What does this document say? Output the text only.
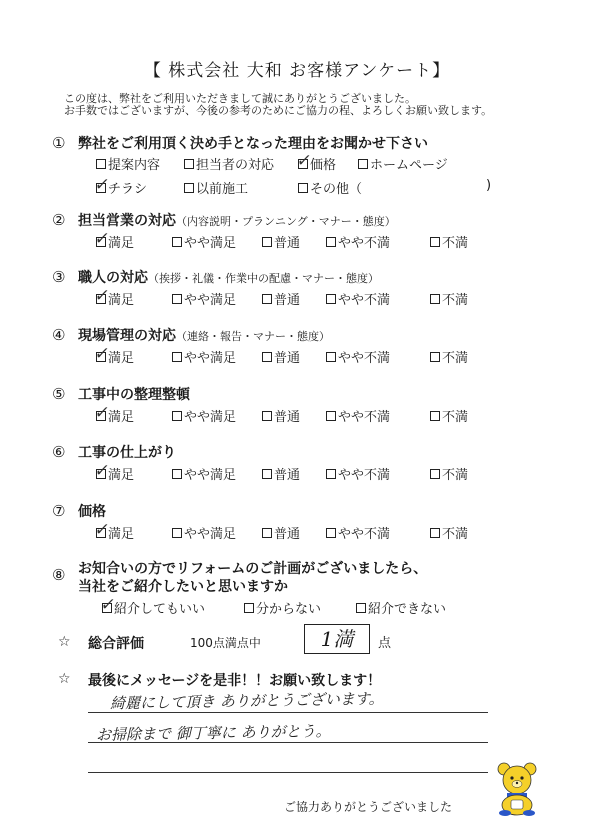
【 株式会社 大和 お客様アンケート】
この度は、弊社をご利用いただきまして誠にありがとうございました。
お手数ではございますが、今後の参考のためにご協力の程、よろしくお願い致します。
① 弊社をご利用頂く決め手となった理由をお聞かせ下さい
提案内容	担当者の対応 ✓
価格	ホームページ
✓
チラシ	以前施工	その他（	)
② 担当営業の対応（内容説明・プランニング・マナー・態度）
✓
満足	やや満足	普通	やや不満	不満
③ 職人の対応（挨拶・礼儀・作業中の配慮・マナー・態度）
✓
満足	やや満足	普通	やや不満	不満
④ 現場管理の対応（連絡・報告・マナー・態度）
✓
満足	やや満足	普通	やや不満	不満
⑤ 工事中の整理整頓
✓
満足	やや満足	普通	やや不満	不満
⑥ 工事の仕上がり
✓
満足	やや満足	普通	やや不満	不満
⑦ 価格
✓
満足	やや満足	普通	やや不満	不満
⑧ お知合いの方でリフォームのご計画がございましたら、
当社をご紹介したいと思いますか
✓
紹介してもいい	分からない	紹介できない
☆ 総合評価	100点満点中	1満	点
☆ 最後にメッセージを是非！！お願い致します！
綺麗にして頂き ありがとうございます。
お掃除まで 御丁寧に ありがとう。
ご協力ありがとうございました
